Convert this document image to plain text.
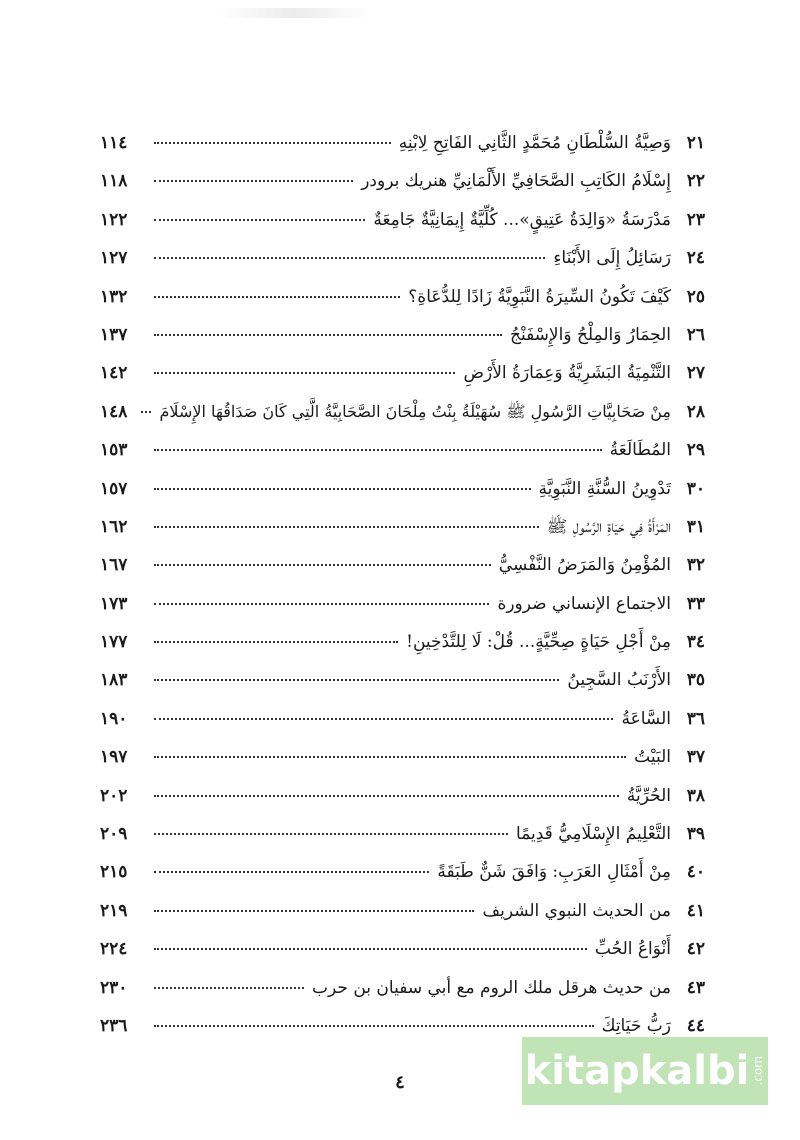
٢١
وَصِيَّةُ السُّلْطَانِ مُحَمَّدٍ الثَّانِي الفَاتِحِ لِابْنِهِ
١١٤
٢٢
إِسْلَامُ الكَاتِبِ الصَّحَافِيِّ الأَلْمَانِيِّ هنريك برودر
١١٨
٢٣
مَدْرَسَةُ «وَالِدَةُ عَتِيقٍ»... كُلِّيَّةٌ إِيمَانِيَّةٌ جَامِعَةٌ
١٢٢
٢٤
رَسَائِلُ إِلَى الأَبْنَاءِ
١٢٧
٢٥
كَيْفَ تَكُونُ السِّيرَةُ النَّبَوِيَّةُ زَادًا لِلدُّعَاةِ؟
١٣٢
٢٦
الحِمَارُ وَالمِلْحُ وَالإِسْفَنْجُ
١٣٧
٢٧
التَّنْمِيَةُ البَشَرِيَّةُ وَعِمَارَةُ الأَرْضِ
١٤٢
٢٨
مِنْ صَحَابِيَّاتِ الرَّسُولِ ﷺ سُهَيْلَةُ بِنْتُ مِلْحَانَ الصَّحَابِيَّةُ الَّتِي كَانَ صَدَاقُهَا الإِسْلَامَ
١٤٨
٢٩
المُطَالَعَةُ
١٥٣
٣٠
تَدْوِينُ السُّنَّةِ النَّبَوِيَّةِ
١٥٧
٣١
المَرْأَةُ فِي حَيَاةِ الرَّسُولِ ﷺ
١٦٢
٣٢
المُؤْمِنُ وَالمَرَضُ النَّفْسِيُّ
١٦٧
٣٣
الاجتماع الإنساني ضرورة
١٧٣
٣٤
مِنْ أَجْلِ حَيَاةٍ صِحِّيَّةٍ... قُلْ: لَا لِلتَّدْخِينِ!
١٧٧
٣٥
الأَرْنَبُ السَّجِينُ
١٨٣
٣٦
السَّاعَةُ
١٩٠
٣٧
البَيْتُ
١٩٧
٣٨
الحُرِّيَّةُ
٢٠٢
٣٩
التَّعْلِيمُ الإِسْلَامِيُّ قَدِيمًا
٢٠٩
٤٠
مِنْ أَمْثَالِ العَرَبِ: وَافَقَ شَنٌّ طَبَقَةً
٢١٥
٤١
من الحديث النبوي الشريف
٢١٩
٤٢
أَنْوَاعُ الحُبِّ
٢٢٤
٤٣
من حديث هرقل ملك الروم مع أبي سفيان بن حرب
٢٣٠
٤٤
رَبُّ حَيَاتِكَ
٢٣٦
٤	kitapkalbi .com
